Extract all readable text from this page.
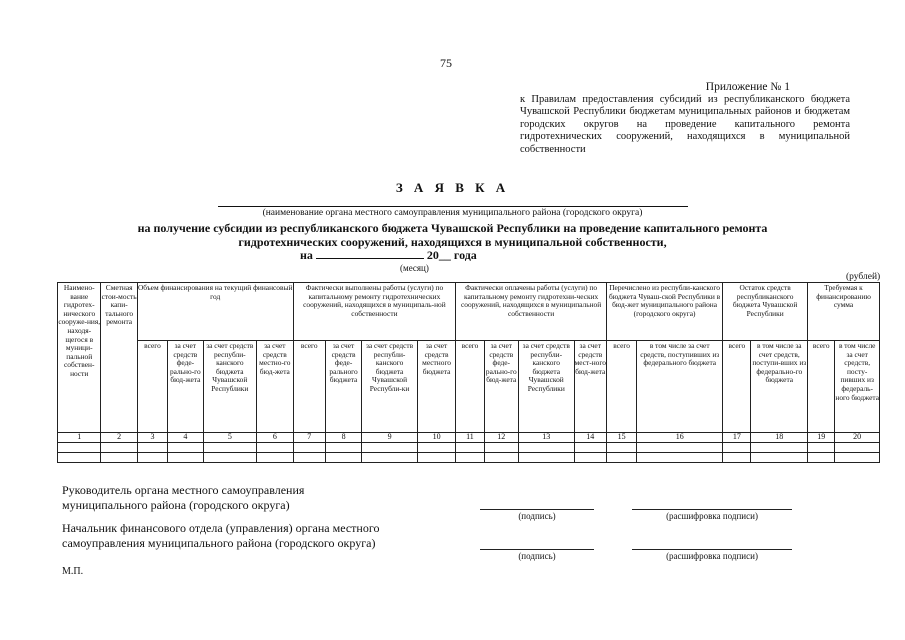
75
Приложение № 1
к Правилам предоставления субсидий из республиканского бюджета Чувашской Республики бюджетам муниципальных районов и бюджетам городских округов на проведение капитального ремонта гидротехнических сооружений, находящихся в муниципальной собственности
З А Я В К А
(наименование органа местного самоуправления муниципального района (городского округа)
на получение субсидии из республиканского бюджета Чувашской Республики на проведение капитального ремонта
гидротехнических сооружений, находящихся в муниципальной собственности,
на	20__ года
(месяц)
(рублей)
Наимено-вание гидротех-нического сооруже-ния, находя-щегося в муници-пальной собствен-ности	Сметная стои-мость капи-тального ремонта	Объем финансирования на текущий финансовый год				Фактически выполнены работы (услуги) по капитальному ремонту гидротехнических сооружений, находящихся в муниципаль-ной собственности				Фактически оплачены работы (услуги) по капитальному ремонту гидротехни-ческих сооружений, находящихся в муниципальной собственности				Перечислено из республи-канского бюджета Чуваш-ской Республики в бюд-жет муниципального района (городского округа)		Остаток средств республиканского бюджета Чувашской Республики		Требуемая к финансированию сумма	
		всего	за счет средств феде-рально-го бюд-жета	за счет средств республи-канского бюджета Чувашской Республики	за счет средств местно-го бюд-жета	всего	за счет средств феде-рального бюджета	за счет средств республи-канского бюджета Чувашской Республи-ки	за счет средств местного бюджета	всего	за счет средств феде-рально-го бюд-жета	за счет средств республи-канского бюджета Чувашской Республики	за счет средств мест-ного бюд-жета	всего	в том числе за счет средств, поступивших из федерального бюджета	всего	в том числе за счет средств, поступи-вших из федерально-го бюджета	всего	в том числе за счет средств, посту-пивших из федераль-ного бюджета
1	2	3	4	5	6	7	8	9	10	11	12	13	14	15	16	17	18	19	20

Руководитель органа местного самоуправления
муниципального района (городского округа)
(подпись)	(расшифровка подписи)
Начальник финансового отдела (управления) органа местного
самоуправления муниципального района (городского округа)
(подпись)	(расшифровка подписи)
М.П.
